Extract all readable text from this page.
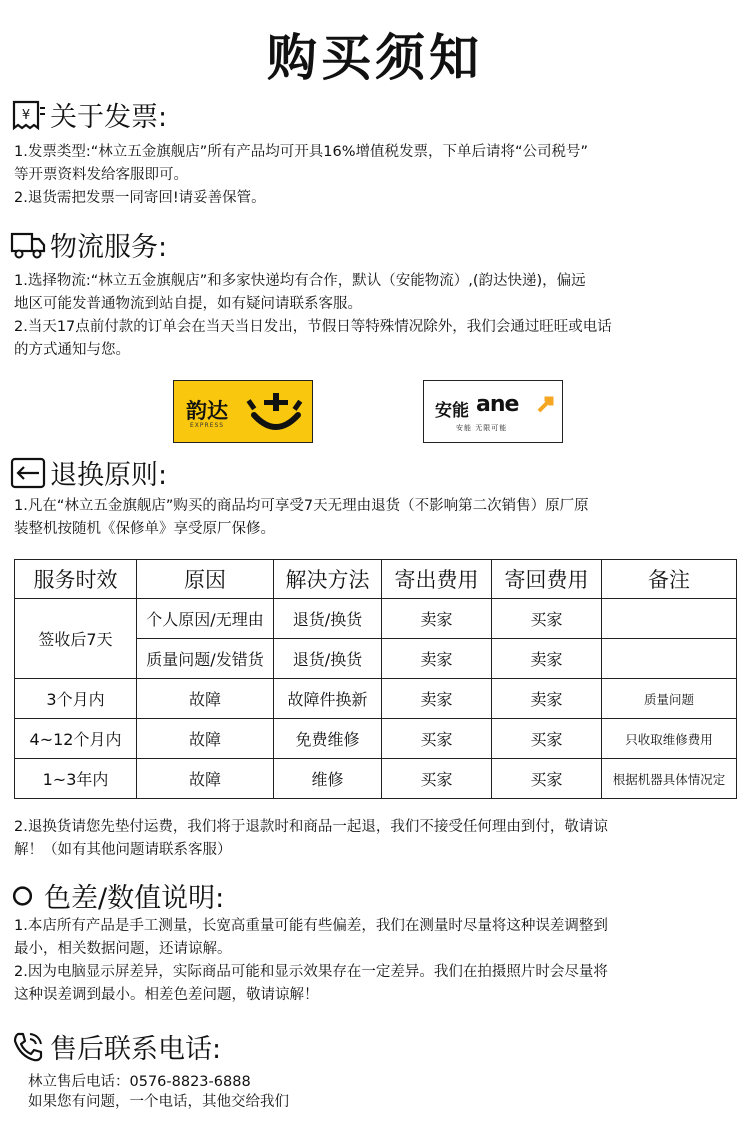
购买须知
¥ 关于发票:
1.发票类型:“林立五金旗舰店”所有产品均可开具16%增值税发票，下单后请将“公司税号”
等开票资料发给客服即可。
2.退货需把发票一同寄回!请妥善保管。
物流服务:
1.选择物流:“林立五金旗舰店”和多家快递均有合作，默认（安能物流）,(韵达快递)，偏远
地区可能发普通物流到站自提，如有疑问请联系客服。
2.当天17点前付款的订单会在当天当日发出，节假日等特殊情况除外，我们会通过旺旺或电话
的方式通知与您。
韵达
EXPRESS
安能 ane
安能 无限可能
退换原则:
1.凡在“林立五金旗舰店”购买的商品均可享受7天无理由退货（不影响第二次销售）原厂原
装整机按随机《保修单》享受原厂保修。
服务时效	原因	解决方法	寄出费用	寄回费用	备注
签收后7天	个人原因/无理由	退货/换货	卖家	买家	
	质量问题/发错货	退货/换货	卖家	卖家	
3个月内	故障	故障件换新	卖家	卖家	质量问题
4~12个月内	故障	免费维修	买家	买家	只收取维修费用
1~3年内	故障	维修	买家	买家	根据机器具体情况定
2.退换货请您先垫付运费，我们将于退款时和商品一起退，我们不接受任何理由到付，敬请谅
解！（如有其他问题请联系客服）
色差/数值说明:
1.本店所有产品是手工测量，长宽高重量可能有些偏差，我们在测量时尽量将这种误差调整到
最小，相关数据问题，还请谅解。
2.因为电脑显示屏差异，实际商品可能和显示效果存在一定差异。我们在拍摄照片时会尽量将
这种误差调到最小。相差色差问题，敬请谅解！
售后联系电话:
林立售后电话：0576-8823-6888
如果您有问题，一个电话，其他交给我们
